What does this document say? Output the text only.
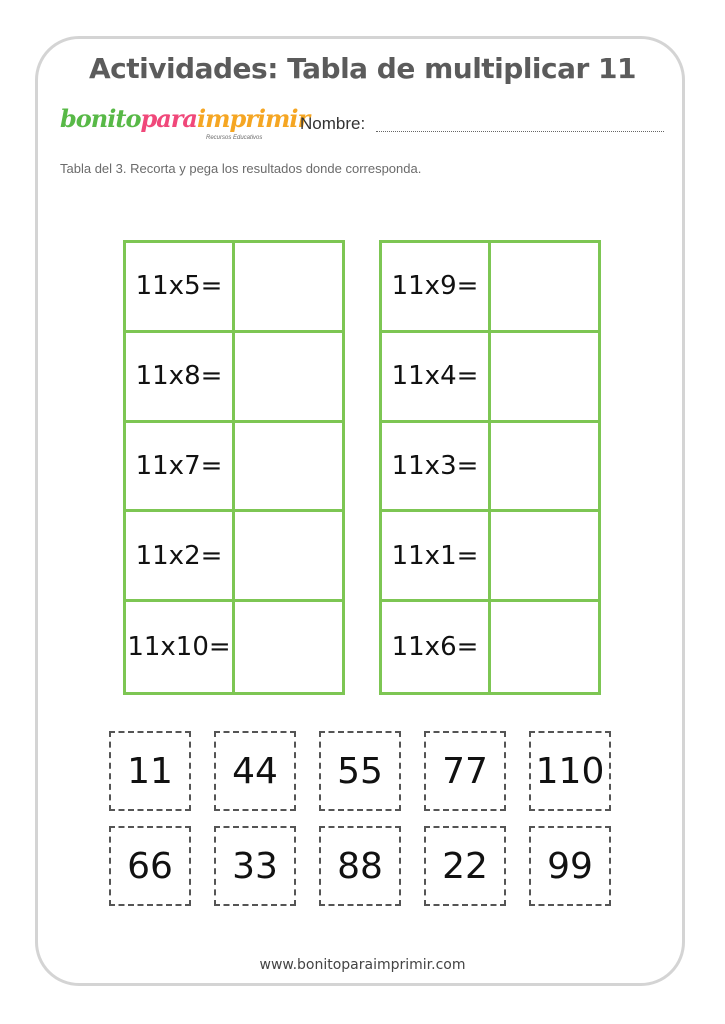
Actividades: Tabla de multiplicar 11
bonitoparaimprimir
Recursos Educativos
Nombre:
Tabla del 3. Recorta y pega los resultados donde corresponda.
11x5=
11x8=
11x7=
11x2=
11x10=
11x9=
11x4=
11x3=
11x1=
11x6=
11	44	55	77	110
66	33	88	22	99
www.bonitoparaimprimir.com
